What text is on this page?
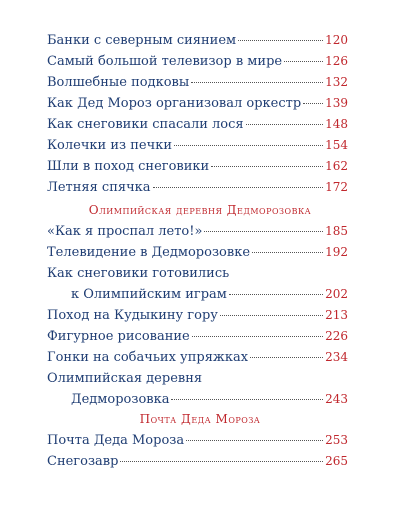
Банки с северным сиянием	120
Самый большой телевизор в мире	126
Волшебные подковы	132
Как Дед Мороз организовал оркестр 139
Как снеговики спасали лося	148
Колечки из печки	154
Шли в поход снеговики	162
Летняя спячка	172
Олимпийская деревня Дедморозовка
«Как я проспал лето!»	185
Телевидение в Дедморозовке	192
Как снеговики готовились
к Олимпийским играм	202
Поход на Кудыкину гору	213
Фигурное рисование	226
Гонки на собачьих упряжках	234
Олимпийская деревня
Дедморозовка	243
Почта Деда Мороза
Почта Деда Мороза	253
Снегозавр	265
